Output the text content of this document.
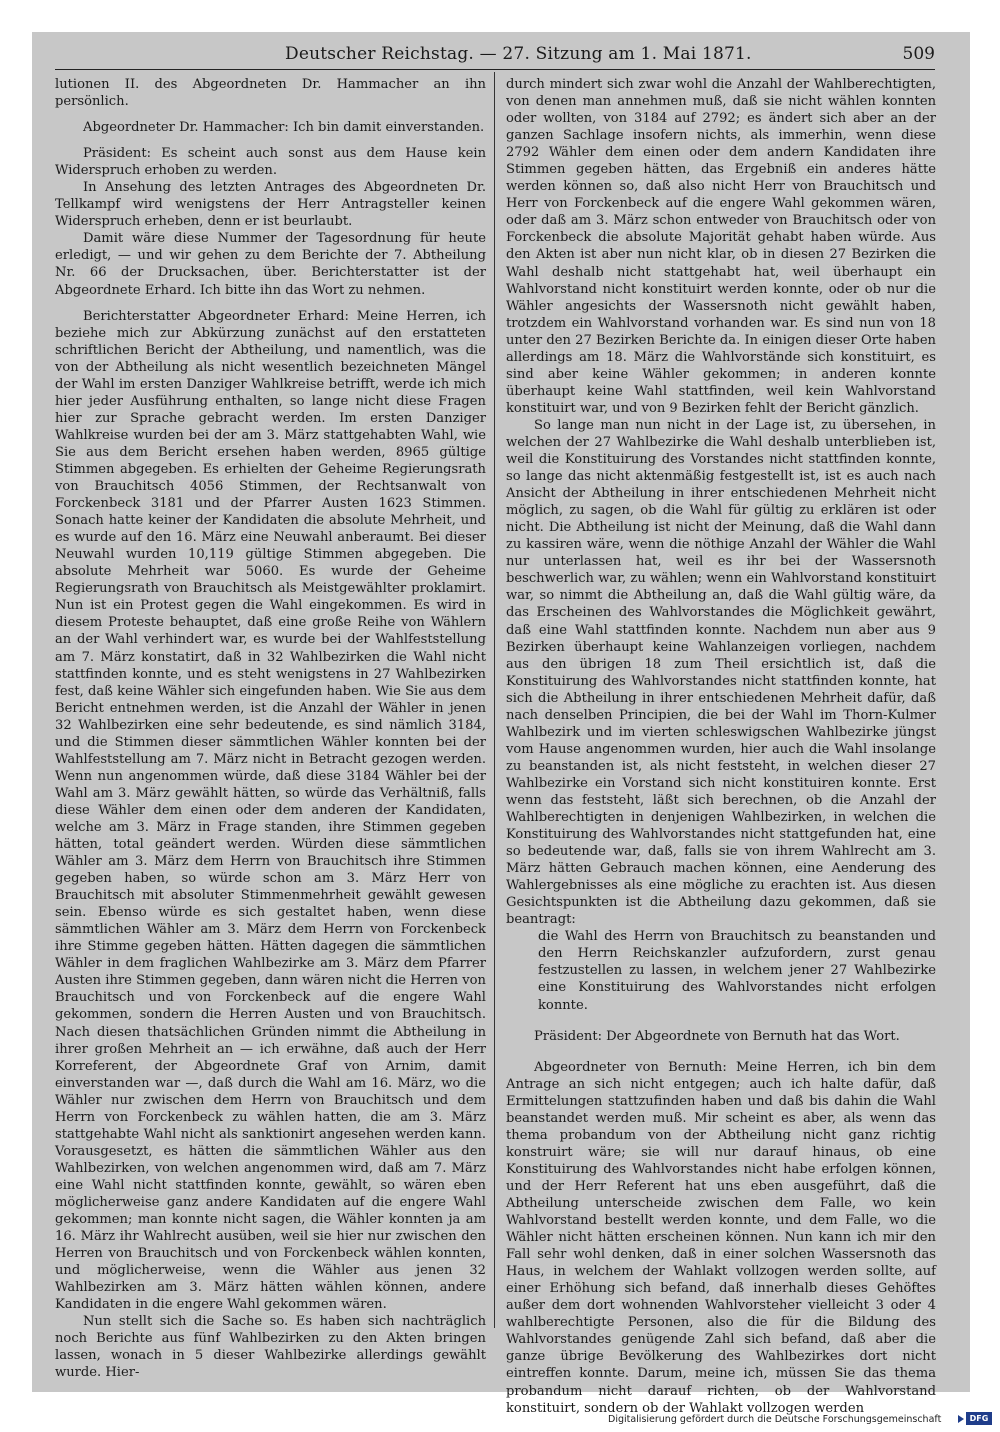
Deutscher Reichstag. — 27. Sitzung am 1. Mai 1871.	509

lutionen II. des Abgeordneten Dr. Hammacher an ihn persönlich.

Abgeordneter Dr. Hammacher: Ich bin damit einverstanden.

Präsident: Es scheint auch sonst aus dem Hause kein Widerspruch erhoben zu werden.

In Ansehung des letzten Antrages des Abgeordneten Dr. Tellkampf wird wenigstens der Herr Antragsteller keinen Widerspruch erheben, denn er ist beurlaubt.

Damit wäre diese Nummer der Tagesordnung für heute erledigt, — und wir gehen zu dem Berichte der 7. Abtheilung Nr. 66 der Drucksachen, über. Berichterstatter ist der Abgeordnete Erhard. Ich bitte ihn das Wort zu nehmen.

Berichterstatter Abgeordneter Erhard: Meine Herren, ich beziehe mich zur Abkürzung zunächst auf den erstatteten schriftlichen Bericht der Abtheilung, und namentlich, was die von der Abtheilung als nicht wesentlich bezeichneten Mängel der Wahl im ersten Danziger Wahlkreise betrifft, werde ich mich hier jeder Ausführung enthalten, so lange nicht diese Fragen hier zur Sprache gebracht werden. Im ersten Danziger Wahlkreise wurden bei der am 3. März stattgehabten Wahl, wie Sie aus dem Bericht ersehen haben werden, 8965 gültige Stimmen abgegeben. Es erhielten der Geheime Regierungsrath von Brauchitsch 4056 Stimmen, der Rechtsanwalt von Forckenbeck 3181 und der Pfarrer Austen 1623 Stimmen. Sonach hatte keiner der Kandidaten die absolute Mehrheit, und es wurde auf den 16. März eine Neuwahl anberaumt. Bei dieser Neuwahl wurden 10,119 gültige Stimmen abgegeben. Die absolute Mehrheit war 5060. Es wurde der Geheime Regierungsrath von Brauchitsch als Meistgewählter proklamirt. Nun ist ein Protest gegen die Wahl eingekommen. Es wird in diesem Proteste behauptet, daß eine große Reihe von Wählern an der Wahl verhindert war, es wurde bei der Wahlfeststellung am 7. März konstatirt, daß in 32 Wahlbezirken die Wahl nicht stattfinden konnte, und es steht wenigstens in 27 Wahlbezirken fest, daß keine Wähler sich eingefunden haben. Wie Sie aus dem Bericht entnehmen werden, ist die Anzahl der Wähler in jenen 32 Wahlbezirken eine sehr bedeutende, es sind nämlich 3184, und die Stimmen dieser sämmtlichen Wähler konnten bei der Wahlfeststellung am 7. März nicht in Betracht gezogen werden. Wenn nun angenommen würde, daß diese 3184 Wähler bei der Wahl am 3. März gewählt hätten, so würde das Verhältniß, falls diese Wähler dem einen oder dem anderen der Kandidaten, welche am 3. März in Frage standen, ihre Stimmen gegeben hätten, total geändert werden. Würden diese sämmtlichen Wähler am 3. März dem Herrn von Brauchitsch ihre Stimmen gegeben haben, so würde schon am 3. März Herr von Brauchitsch mit absoluter Stimmenmehrheit gewählt gewesen sein. Ebenso würde es sich gestaltet haben, wenn diese sämmtlichen Wähler am 3. März dem Herrn von Forckenbeck ihre Stimme gegeben hätten. Hätten dagegen die sämmtlichen Wähler in dem fraglichen Wahlbezirke am 3. März dem Pfarrer Austen ihre Stimmen gegeben, dann wären nicht die Herren von Brauchitsch und von Forckenbeck auf die engere Wahl gekommen, sondern die Herren Austen und von Brauchitsch. Nach diesen thatsächlichen Gründen nimmt die Abtheilung in ihrer großen Mehrheit an — ich erwähne, daß auch der Herr Korreferent, der Abgeordnete Graf von Arnim, damit einverstanden war —, daß durch die Wahl am 16. März, wo die Wähler nur zwischen dem Herrn von Brauchitsch und dem Herrn von Forckenbeck zu wählen hatten, die am 3. März stattgehabte Wahl nicht als sanktionirt angesehen werden kann. Vorausgesetzt, es hätten die sämmtlichen Wähler aus den Wahlbezirken, von welchen angenommen wird, daß am 7. März eine Wahl nicht stattfinden konnte, gewählt, so wären eben möglicherweise ganz andere Kandidaten auf die engere Wahl gekommen; man konnte nicht sagen, die Wähler konnten ja am 16. März ihr Wahlrecht ausüben, weil sie hier nur zwischen den Herren von Brauchitsch und von Forckenbeck wählen konnten, und möglicherweise, wenn die Wähler aus jenen 32 Wahlbezirken am 3. März hätten wählen können, andere Kandidaten in die engere Wahl gekommen wären.

Nun stellt sich die Sache so. Es haben sich nachträglich noch Berichte aus fünf Wahlbezirken zu den Akten bringen lassen, wonach in 5 dieser Wahlbezirke allerdings gewählt wurde. Hier-

durch mindert sich zwar wohl die Anzahl der Wahlberechtigten, von denen man annehmen muß, daß sie nicht wählen konnten oder wollten, von 3184 auf 2792; es ändert sich aber an der ganzen Sachlage insofern nichts, als immerhin, wenn diese 2792 Wähler dem einen oder dem andern Kandidaten ihre Stimmen gegeben hätten, das Ergebniß ein anderes hätte werden können so, daß also nicht Herr von Brauchitsch und Herr von Forckenbeck auf die engere Wahl gekommen wären, oder daß am 3. März schon entweder von Brauchitsch oder von Forckenbeck die absolute Majorität gehabt haben würde. Aus den Akten ist aber nun nicht klar, ob in diesen 27 Bezirken die Wahl deshalb nicht stattgehabt hat, weil überhaupt ein Wahlvorstand nicht konstituirt werden konnte, oder ob nur die Wähler angesichts der Wassersnoth nicht gewählt haben, trotzdem ein Wahlvorstand vorhanden war. Es sind nun von 18 unter den 27 Bezirken Berichte da. In einigen dieser Orte haben allerdings am 18. März die Wahlvorstände sich konstituirt, es sind aber keine Wähler gekommen; in anderen konnte überhaupt keine Wahl stattfinden, weil kein Wahlvorstand konstituirt war, und von 9 Bezirken fehlt der Bericht gänzlich.

So lange man nun nicht in der Lage ist, zu übersehen, in welchen der 27 Wahlbezirke die Wahl deshalb unterblieben ist, weil die Konstituirung des Vorstandes nicht stattfinden konnte, so lange das nicht aktenmäßig festgestellt ist, ist es auch nach Ansicht der Abtheilung in ihrer entschiedenen Mehrheit nicht möglich, zu sagen, ob die Wahl für gültig zu erklären ist oder nicht. Die Abtheilung ist nicht der Meinung, daß die Wahl dann zu kassiren wäre, wenn die nöthige Anzahl der Wähler die Wahl nur unterlassen hat, weil es ihr bei der Wassersnoth beschwerlich war, zu wählen; wenn ein Wahlvorstand konstituirt war, so nimmt die Abtheilung an, daß die Wahl gültig wäre, da das Erscheinen des Wahlvorstandes die Möglichkeit gewährt, daß eine Wahl stattfinden konnte. Nachdem nun aber aus 9 Bezirken überhaupt keine Wahlanzeigen vorliegen, nachdem aus den übrigen 18 zum Theil ersichtlich ist, daß die Konstituirung des Wahlvorstandes nicht stattfinden konnte, hat sich die Abtheilung in ihrer entschiedenen Mehrheit dafür, daß nach denselben Principien, die bei der Wahl im Thorn-Kulmer Wahlbezirk und im vierten schleswigschen Wahlbezirke jüngst vom Hause angenommen wurden, hier auch die Wahl insolange zu beanstanden ist, als nicht feststeht, in welchen dieser 27 Wahlbezirke ein Vorstand sich nicht konstituiren konnte. Erst wenn das feststeht, läßt sich berechnen, ob die Anzahl der Wahlberechtigten in denjenigen Wahlbezirken, in welchen die Konstituirung des Wahlvorstandes nicht stattgefunden hat, eine so bedeutende war, daß, falls sie von ihrem Wahlrecht am 3. März hätten Gebrauch machen können, eine Aenderung des Wahlergebnisses als eine mögliche zu erachten ist. Aus diesen Gesichtspunkten ist die Abtheilung dazu gekommen, daß sie beantragt:

die Wahl des Herrn von Brauchitsch zu beanstanden und den Herrn Reichskanzler aufzufordern, zurst genau festzustellen zu lassen, in welchem jener 27 Wahlbezirke eine Konstituirung des Wahlvorstandes nicht erfolgen konnte.

Präsident: Der Abgeordnete von Bernuth hat das Wort.

Abgeordneter von Bernuth: Meine Herren, ich bin dem Antrage an sich nicht entgegen; auch ich halte dafür, daß Ermittelungen stattzufinden haben und daß bis dahin die Wahl beanstandet werden muß. Mir scheint es aber, als wenn das thema probandum von der Abtheilung nicht ganz richtig konstruirt wäre; sie will nur darauf hinaus, ob eine Konstituirung des Wahlvorstandes nicht habe erfolgen können, und der Herr Referent hat uns eben ausgeführt, daß die Abtheilung unterscheide zwischen dem Falle, wo kein Wahlvorstand bestellt werden konnte, und dem Falle, wo die Wähler nicht hätten erscheinen können. Nun kann ich mir den Fall sehr wohl denken, daß in einer solchen Wassersnoth das Haus, in welchem der Wahlakt vollzogen werden sollte, auf einer Erhöhung sich befand, daß innerhalb dieses Gehöftes außer dem dort wohnenden Wahlvorsteher vielleicht 3 oder 4 wahlberechtigte Personen, also die für die Bildung des Wahlvorstandes genügende Zahl sich befand, daß aber die ganze übrige Bevölkerung des Wahlbezirkes dort nicht eintreffen konnte. Darum, meine ich, müssen Sie das thema probandum nicht darauf richten, ob der Wahlvorstand konstituirt, sondern ob der Wahlakt vollzogen werden

Digitalisierung gefördert durch die Deutsche Forschungsgemeinschaft	DFG
